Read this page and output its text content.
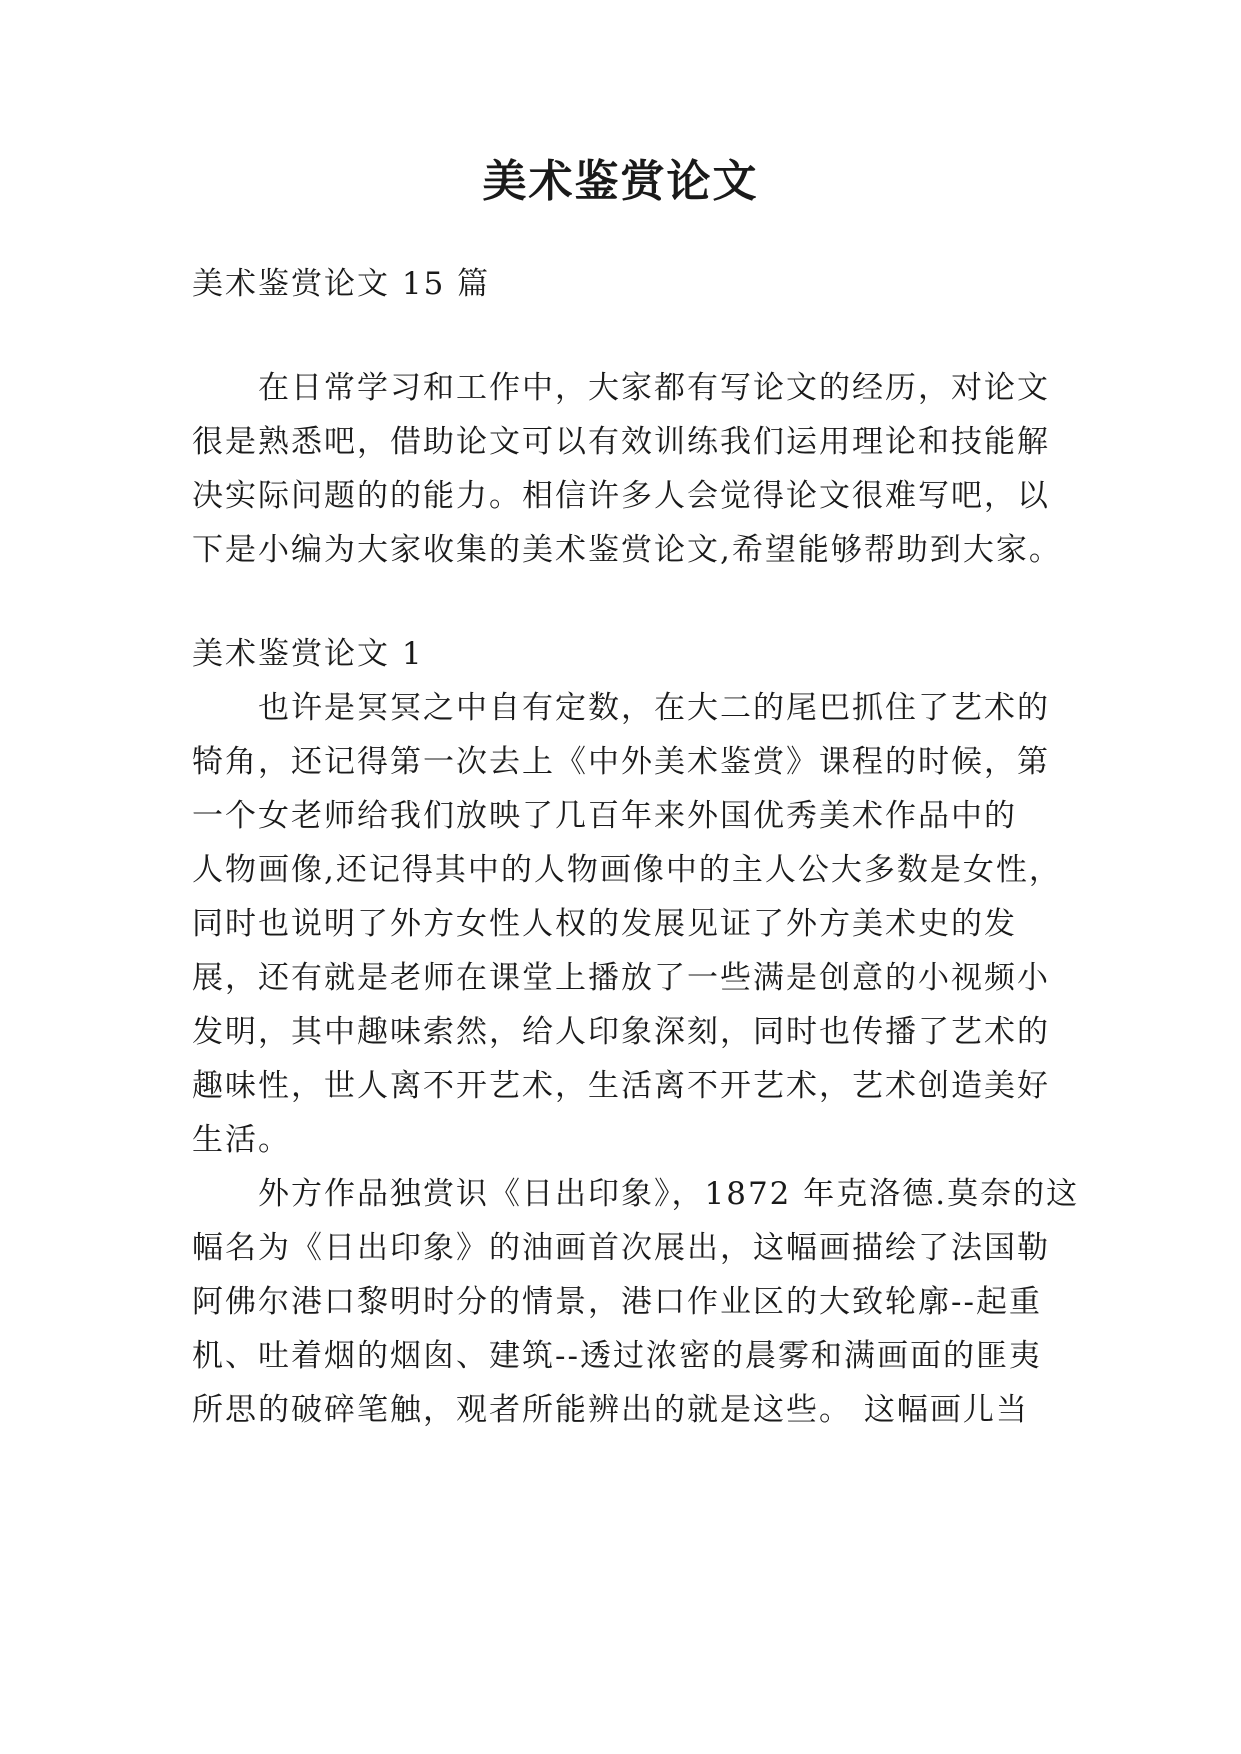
美术鉴赏论文
美术鉴赏论文 15 篇
　　在日常学习和工作中，大家都有写论文的经历，对论文
很是熟悉吧，借助论文可以有效训练我们运用理论和技能解
决实际问题的的能力。相信许多人会觉得论文很难写吧，以
下是小编为大家收集的美术鉴赏论文,希望能够帮助到大家。
美术鉴赏论文 1
　　也许是冥冥之中自有定数，在大二的尾巴抓住了艺术的
犄角，还记得第一次去上《中外美术鉴赏》课程的时候，第
一个女老师给我们放映了几百年来外国优秀美术作品中的
人物画像,还记得其中的人物画像中的主人公大多数是女性，
同时也说明了外方女性人权的发展见证了外方美术史的发
展，还有就是老师在课堂上播放了一些满是创意的小视频小
发明，其中趣味索然，给人印象深刻，同时也传播了艺术的
趣味性，世人离不开艺术，生活离不开艺术，艺术创造美好
生活。
　　外方作品独赏识《日出印象》，1872 年克洛德.莫奈的这
幅名为《日出印象》的油画首次展出，这幅画描绘了法国勒
阿佛尔港口黎明时分的情景，港口作业区的大致轮廓--起重
机、吐着烟的烟囱、建筑--透过浓密的晨雾和满画面的匪夷
所思的破碎笔触，观者所能辨出的就是这些。 这幅画儿当
